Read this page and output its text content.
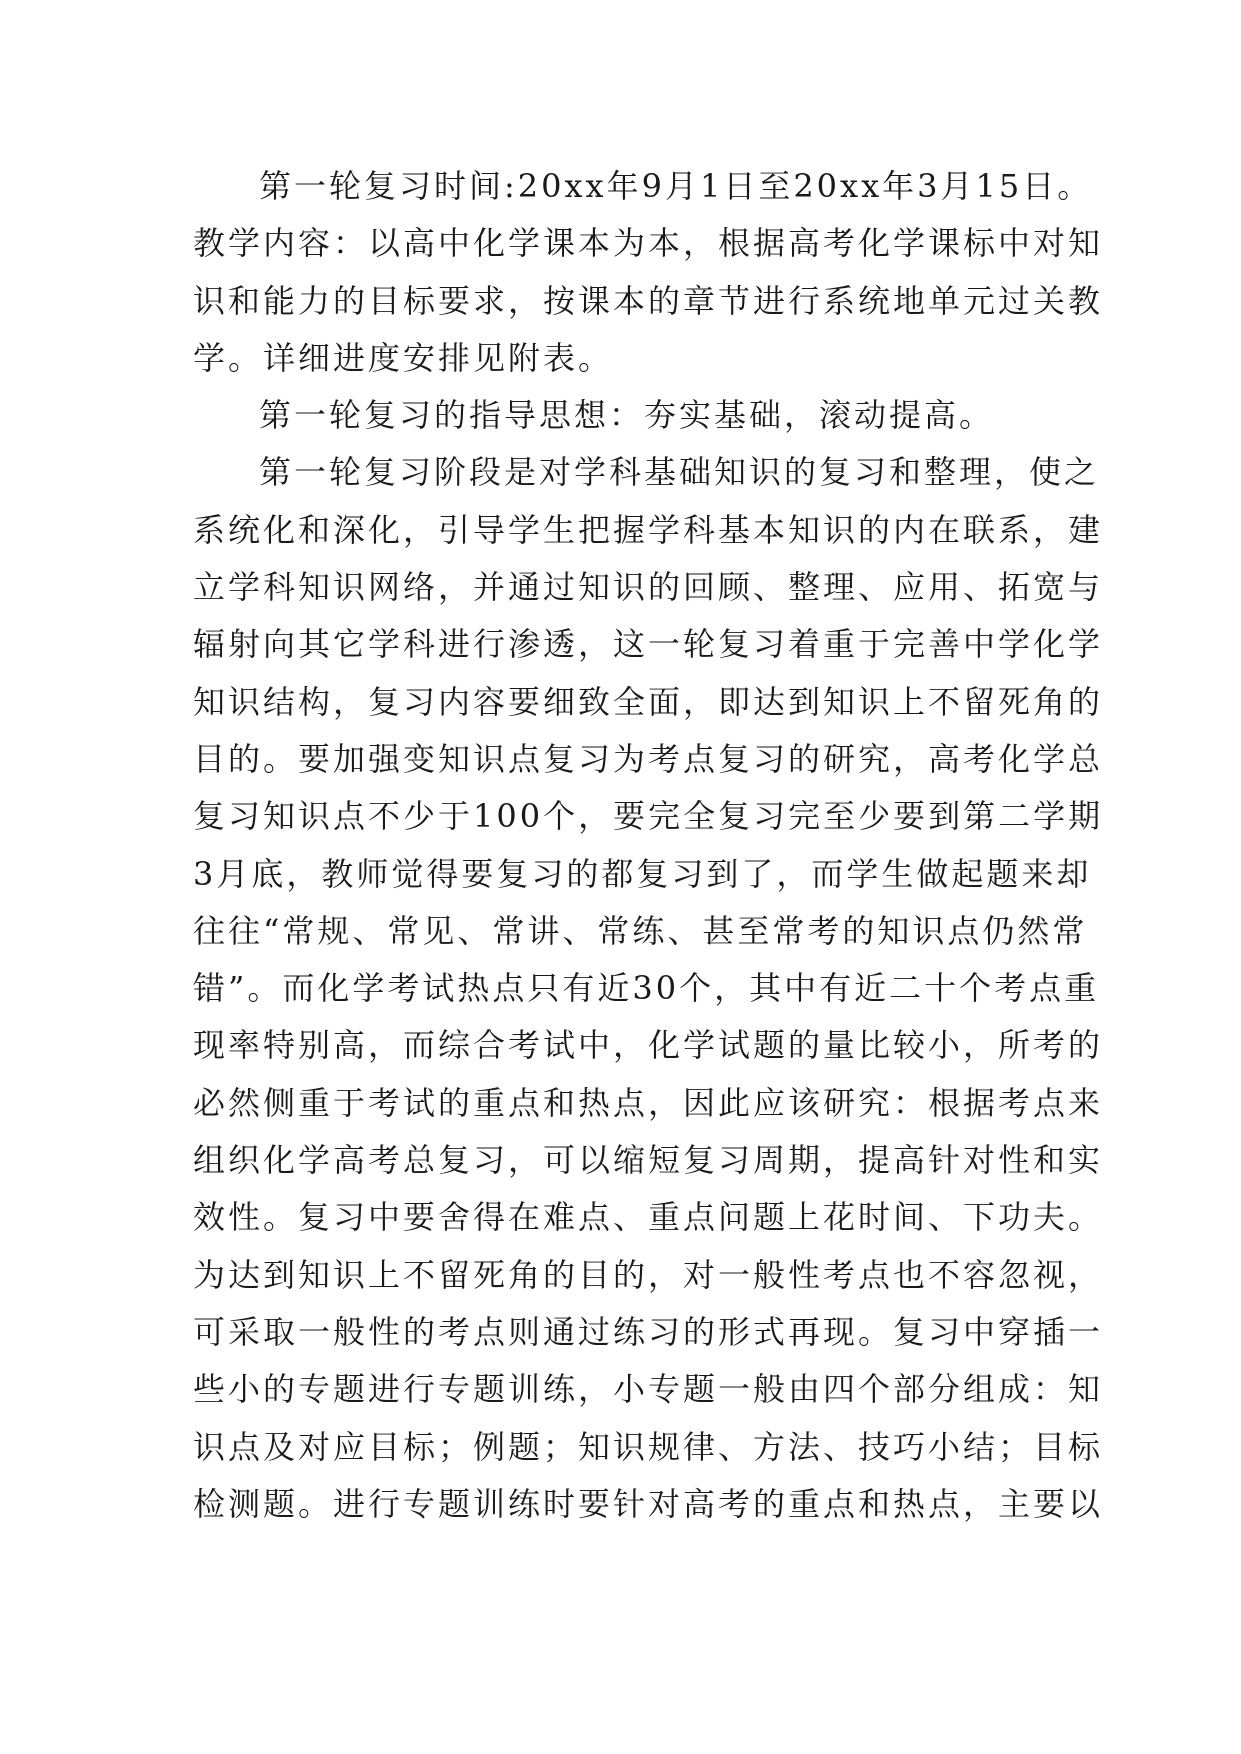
第一轮复习时间:20xx年9月1日至20xx年3月15日。
教学内容：以高中化学课本为本，根据高考化学课标中对知
识和能力的目标要求，按课本的章节进行系统地单元过关教
学。详细进度安排见附表。
第一轮复习的指导思想：夯实基础，滚动提高。
第一轮复习阶段是对学科基础知识的复习和整理，使之
系统化和深化，引导学生把握学科基本知识的内在联系，建
立学科知识网络，并通过知识的回顾、整理、应用、拓宽与
辐射向其它学科进行渗透，这一轮复习着重于完善中学化学
知识结构，复习内容要细致全面，即达到知识上不留死角的
目的。要加强变知识点复习为考点复习的研究，高考化学总
复习知识点不少于100个，要完全复习完至少要到第二学期
3月底，教师觉得要复习的都复习到了，而学生做起题来却
往往“常规、常见、常讲、常练、甚至常考的知识点仍然常
错”。而化学考试热点只有近30个，其中有近二十个考点重
现率特别高，而综合考试中，化学试题的量比较小，所考的
必然侧重于考试的重点和热点，因此应该研究：根据考点来
组织化学高考总复习，可以缩短复习周期，提高针对性和实
效性。复习中要舍得在难点、重点问题上花时间、下功夫。
为达到知识上不留死角的目的，对一般性考点也不容忽视，
可采取一般性的考点则通过练习的形式再现。复习中穿插一
些小的专题进行专题训练，小专题一般由四个部分组成：知
识点及对应目标；例题；知识规律、方法、技巧小结；目标
检测题。进行专题训练时要针对高考的重点和热点，主要以
